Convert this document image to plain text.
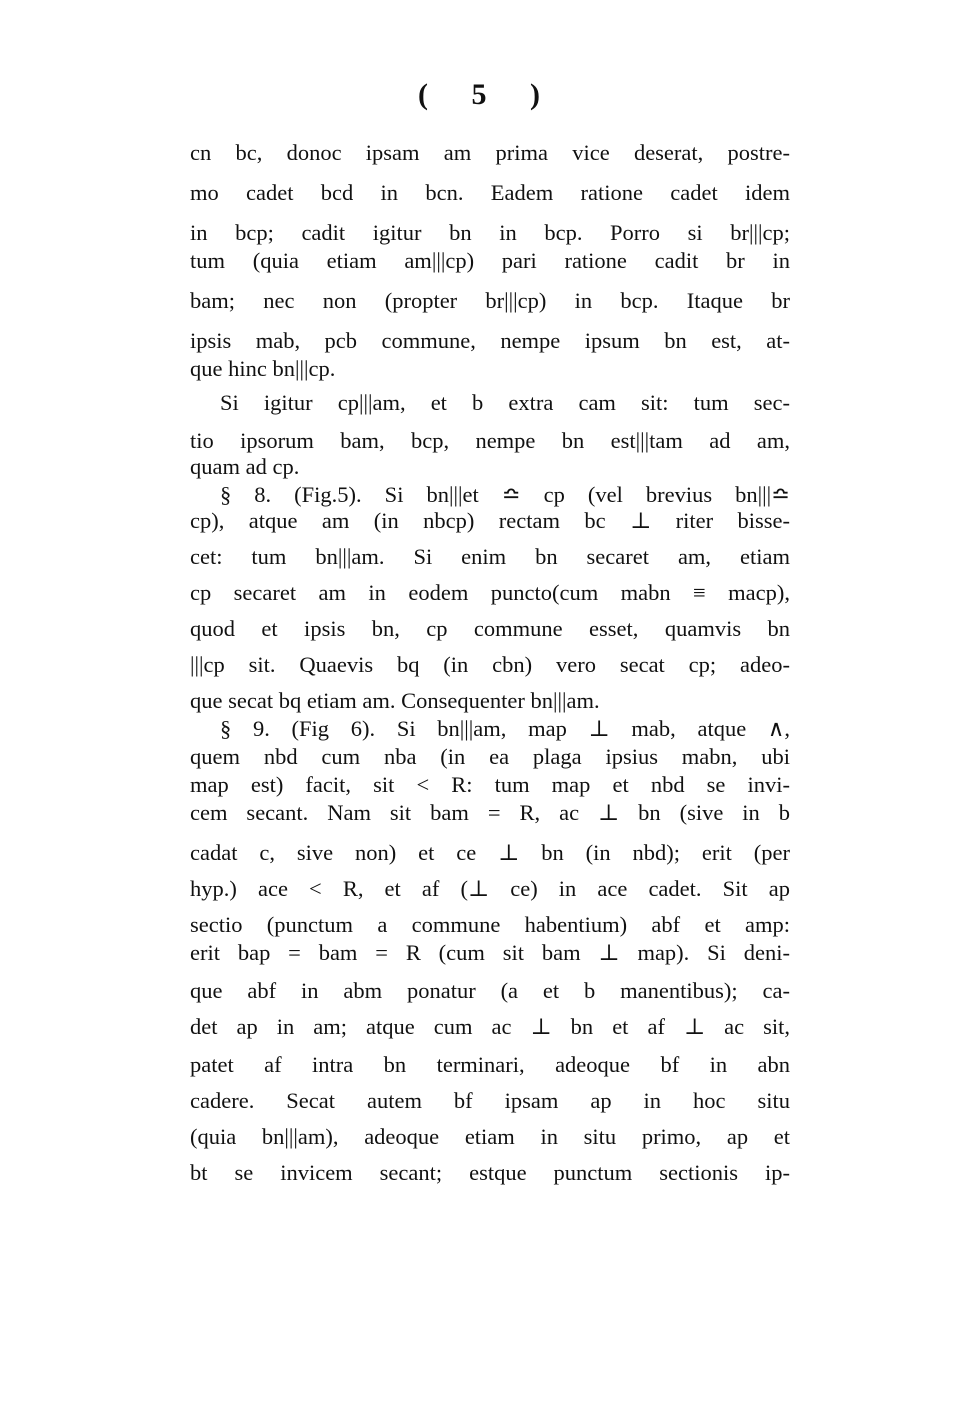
( 5 )
cn bc, donoc ipsam am prima vice deserat, postre-
mo cadet bcd in bcn. Eadem ratione cadet idem
in bcp; cadit igitur bn in bcp. Porro si br|||cp;
tum (quia etiam am|||cp) pari ratione cadit br in
bam; nec non (propter br|||cp) in bcp. Itaque br
ipsis mab, pcb commune, nempe ipsum bn est, at-
que hinc bn|||cp.
Si igitur cp|||am, et b extra cam sit: tum sec-
tio ipsorum bam, bcp, nempe bn est|||tam ad am,
quam ad cp.
§ 8. (Fig.5). Si bn|||et ≏ cp (vel brevius bn|||≏
cp), atque am (in nbcp) rectam bc ⊥ riter bisse-
cet: tum bn|||am. Si enim bn secaret am, etiam
cp secaret am in eodem puncto(cum mabn ≡ macp),
quod et ipsis bn, cp commune esset, quamvis bn
|||cp sit. Quaevis bq (in cbn) vero secat cp; adeo-
que secat bq etiam am. Consequenter bn|||am.
§ 9. (Fig 6). Si bn|||am, map ⊥ mab, atque ∧,
quem nbd cum nba (in ea plaga ipsius mabn, ubi
map est) facit, sit < R: tum map et nbd se invi-
cem secant. Nam sit bam = R, ac ⊥ bn (sive in b
cadat c, sive non) et ce ⊥ bn (in nbd); erit (per
hyp.) ace < R, et af (⊥ ce) in ace cadet. Sit ap
sectio (punctum a commune habentium) abf et amp:
erit bap = bam = R (cum sit bam ⊥ map). Si deni-
que abf in abm ponatur (a et b manentibus); ca-
det ap in am; atque cum ac ⊥ bn et af ⊥ ac sit,
patet af intra bn terminari, adeoque bf in abn
cadere. Secat autem bf ipsam ap in hoc situ
(quia bn|||am), adeoque etiam in situ primo, ap et
bt se invicem secant; estque punctum sectionis ip-
